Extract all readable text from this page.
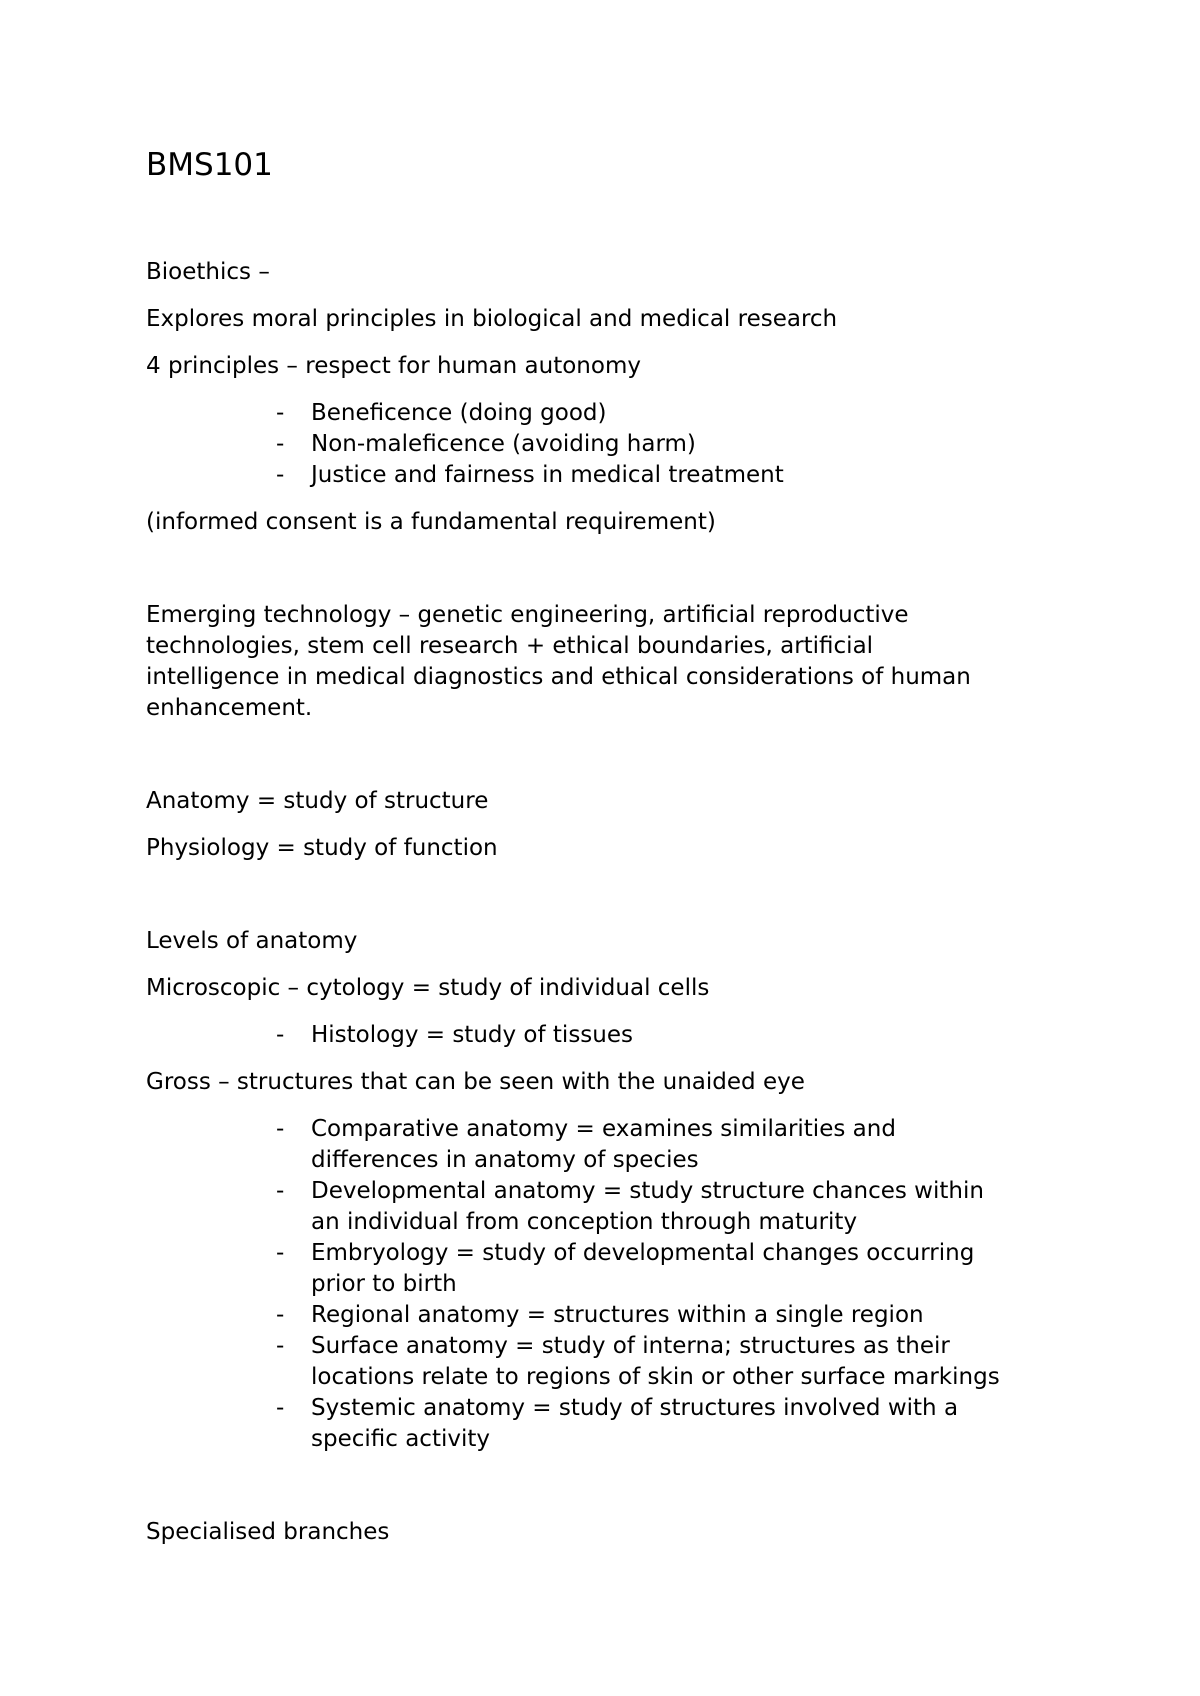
BMS101
Bioethics –
Explores moral principles in biological and medical research
4 principles – respect for human autonomy
- Beneficence (doing good)
- Non-maleficence (avoiding harm)
- Justice and fairness in medical treatment
(informed consent is a fundamental requirement)
Emerging technology – genetic engineering, artificial reproductive
technologies, stem cell research + ethical boundaries, artificial
intelligence in medical diagnostics and ethical considerations of human
enhancement.
Anatomy = study of structure
Physiology = study of function
Levels of anatomy
Microscopic – cytology = study of individual cells
- Histology = study of tissues
Gross – structures that can be seen with the unaided eye
- Comparative anatomy = examines similarities and
differences in anatomy of species
- Developmental anatomy = study structure chances within
an individual from conception through maturity
- Embryology = study of developmental changes occurring
prior to birth
- Regional anatomy = structures within a single region
- Surface anatomy = study of interna; structures as their
locations relate to regions of skin or other surface markings
- Systemic anatomy = study of structures involved with a
specific activity
Specialised branches
